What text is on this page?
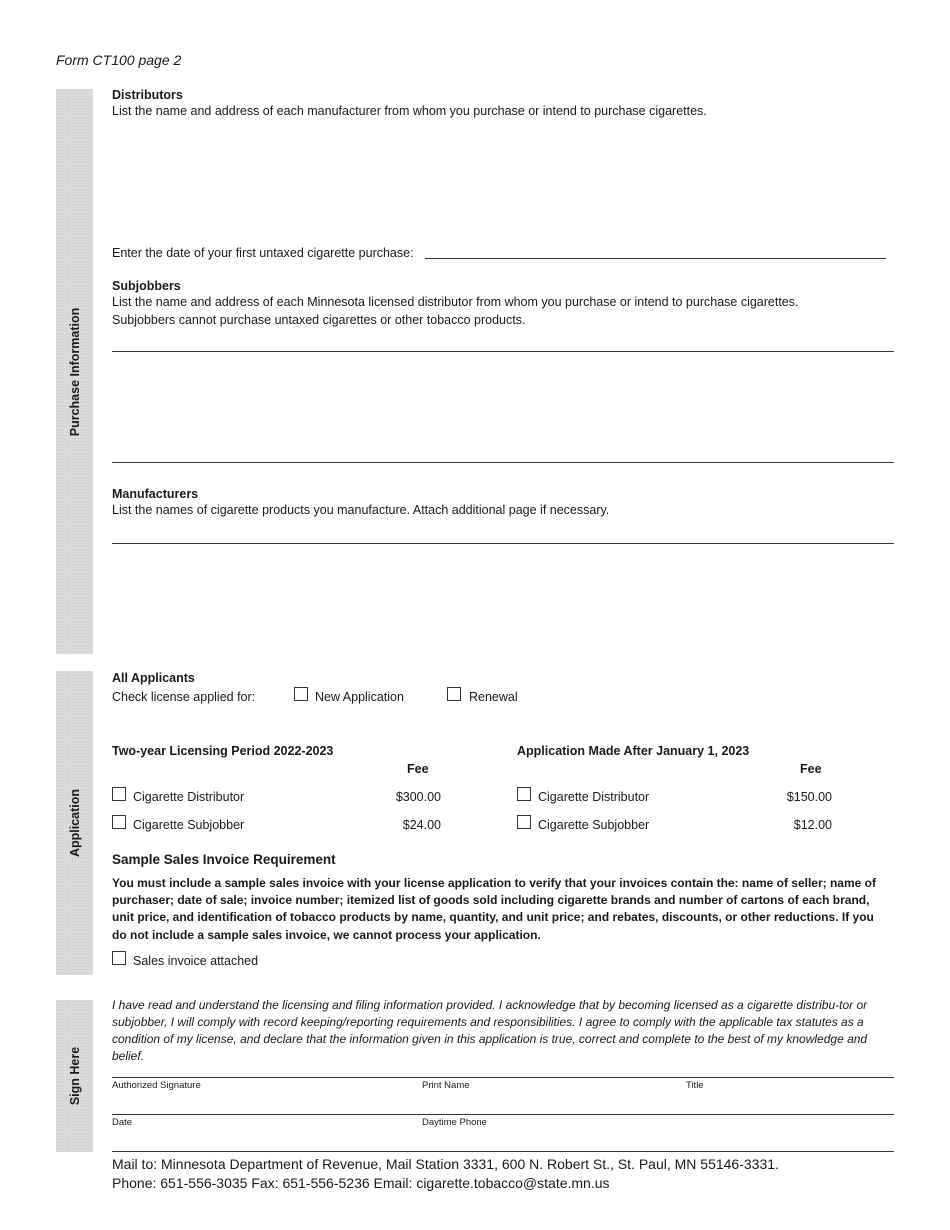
Form CT100 page 2
Purchase Information
Application
Sign Here
Distributors
List the name and address of each manufacturer from whom you purchase or intend to purchase cigarettes.
Enter the date of your first untaxed cigarette purchase:
Subjobbers
List the name and address of each Minnesota licensed distributor from whom you purchase or intend to purchase cigarettes.
Subjobbers cannot purchase untaxed cigarettes or other tobacco products.
Manufacturers
List the names of cigarette products you manufacture. Attach additional page if necessary.
All Applicants
Check license applied for:	New Application	Renewal
Two-year Licensing Period 2022-2023
Fee
Application Made After January 1, 2023
Fee
Cigarette Distributor	$300.00
Cigarette Subjobber	$24.00
Cigarette Distributor	$150.00
Cigarette Subjobber	$12.00
Sample Sales Invoice Requirement
You must include a sample sales invoice with your license application to verify that your invoices contain the: name of seller; name of purchaser; date of sale; invoice number; itemized list of goods sold including cigarette brands and number of cartons of each brand, unit price, and identification of tobacco products by name, quantity, and unit price; and rebates, discounts, or other reductions. If you do not include a sample sales invoice, we cannot process your application.
Sales invoice attached
I have read and understand the licensing and filing information provided. I acknowledge that by becoming licensed as a cigarette distribu-tor or subjobber, I will comply with record keeping/reporting requirements and responsibilities. I agree to comply with the applicable tax statutes as a condition of my license, and declare that the information given in this application is true, correct and complete to the best of my knowledge and belief.
Authorized Signature	Print Name	Title
Date	Daytime Phone
Mail to: Minnesota Department of Revenue, Mail Station 3331, 600 N. Robert St., St. Paul, MN 55146-3331.
Phone: 651-556-3035 Fax: 651-556-5236 Email: cigarette.tobacco@state.mn.us
